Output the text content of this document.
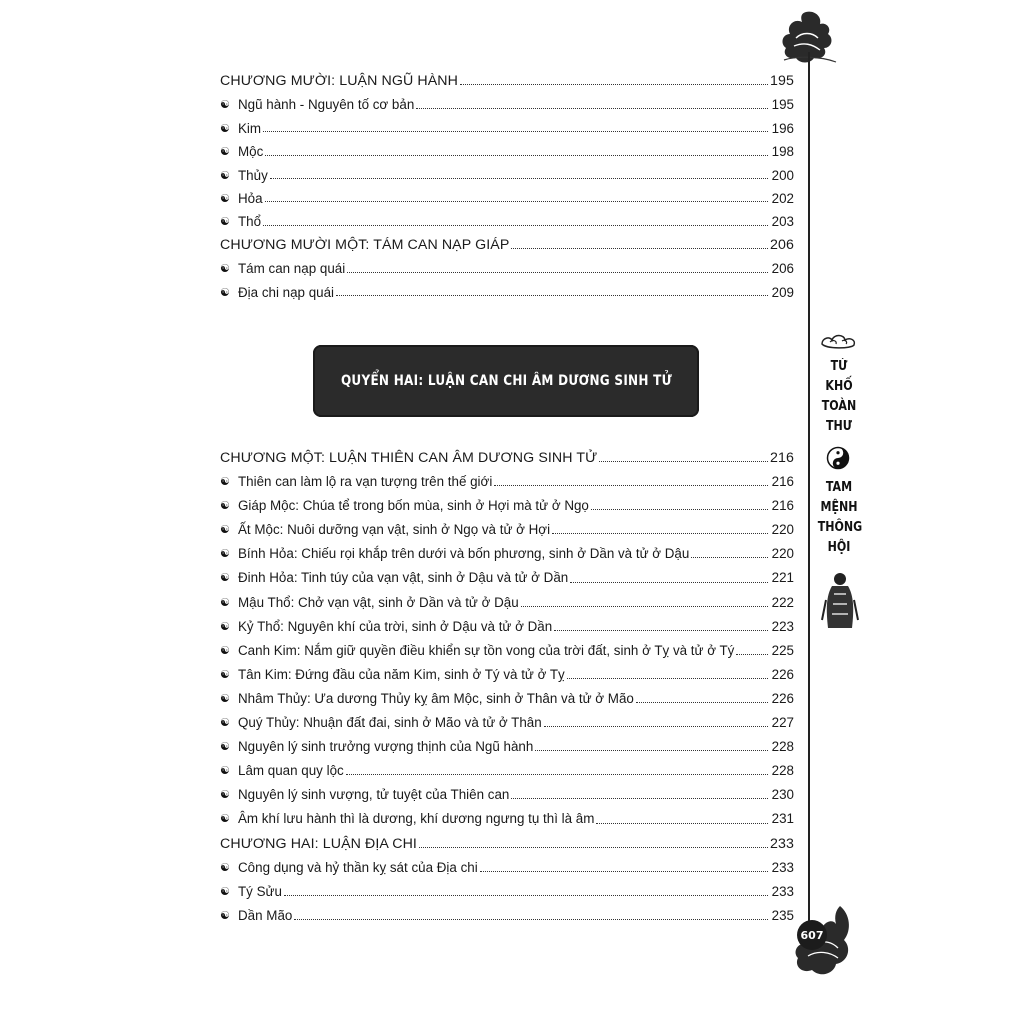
CHƯƠNG MƯỜI: LUẬN NGŨ HÀNH	195
☯ Ngũ hành - Nguyên tố cơ bản	195
☯ Kim	196
☯ Mộc	198
☯ Thủy	200
☯ Hỏa	202
☯ Thổ	203
CHƯƠNG MƯỜI MỘT: TÁM CAN NẠP GIÁP	206
☯ Tám can nạp quái	206
☯ Địa chi nạp quái	209
QUYỂN HAI: LUẬN CAN CHI ÂM DƯƠNG SINH TỬ
CHƯƠNG MỘT: LUẬN THIÊN CAN ÂM DƯƠNG SINH TỬ	216
☯ Thiên can làm lộ ra vạn tượng trên thế giới	216
☯ Giáp Mộc: Chúa tể trong bốn mùa, sinh ở Hợi mà tử ở Ngọ	216
☯ Ất Mộc: Nuôi dưỡng vạn vật, sinh ở Ngọ và tử ở Hợi	220
☯ Bính Hỏa: Chiếu rọi khắp trên dưới và bốn phương, sinh ở Dần và tử ở Dậu	220
☯ Đinh Hỏa: Tinh túy của vạn vật, sinh ở Dậu và tử ở Dần	221
☯ Mậu Thổ: Chở vạn vật, sinh ở Dần và tử ở Dậu	222
☯ Kỷ Thổ: Nguyên khí của trời, sinh ở Dậu và tử ở Dần	223
☯ Canh Kim: Nắm giữ quyền điều khiển sự tồn vong của trời đất, sinh ở Tỵ và tử ở Tý	225
☯ Tân Kim: Đứng đầu của năm Kim, sinh ở Tý và tử ở Tỵ	226
☯ Nhâm Thủy: Ưa dương Thủy kỵ âm Mộc, sinh ở Thân và tử ở Mão	226
☯ Quý Thủy: Nhuận đất đai, sinh ở Mão và tử ở Thân	227
☯ Nguyên lý sinh trưởng vượng thịnh của Ngũ hành	228
☯ Lâm quan quy lộc	228
☯ Nguyên lý sinh vượng, tử tuyệt của Thiên can	230
☯ Âm khí lưu hành thì là dương, khí dương ngưng tụ thì là âm	231
CHƯƠNG HAI: LUẬN ĐỊA CHI	233
☯ Công dụng và hỷ thần kỵ sát của Địa chi	233
☯ Tý Sửu	233
☯ Dần Mão	235
TỨ
KHỐ
TOÀN
THƯ
TAM
MỆNH
THÔNG
HỘI
607
